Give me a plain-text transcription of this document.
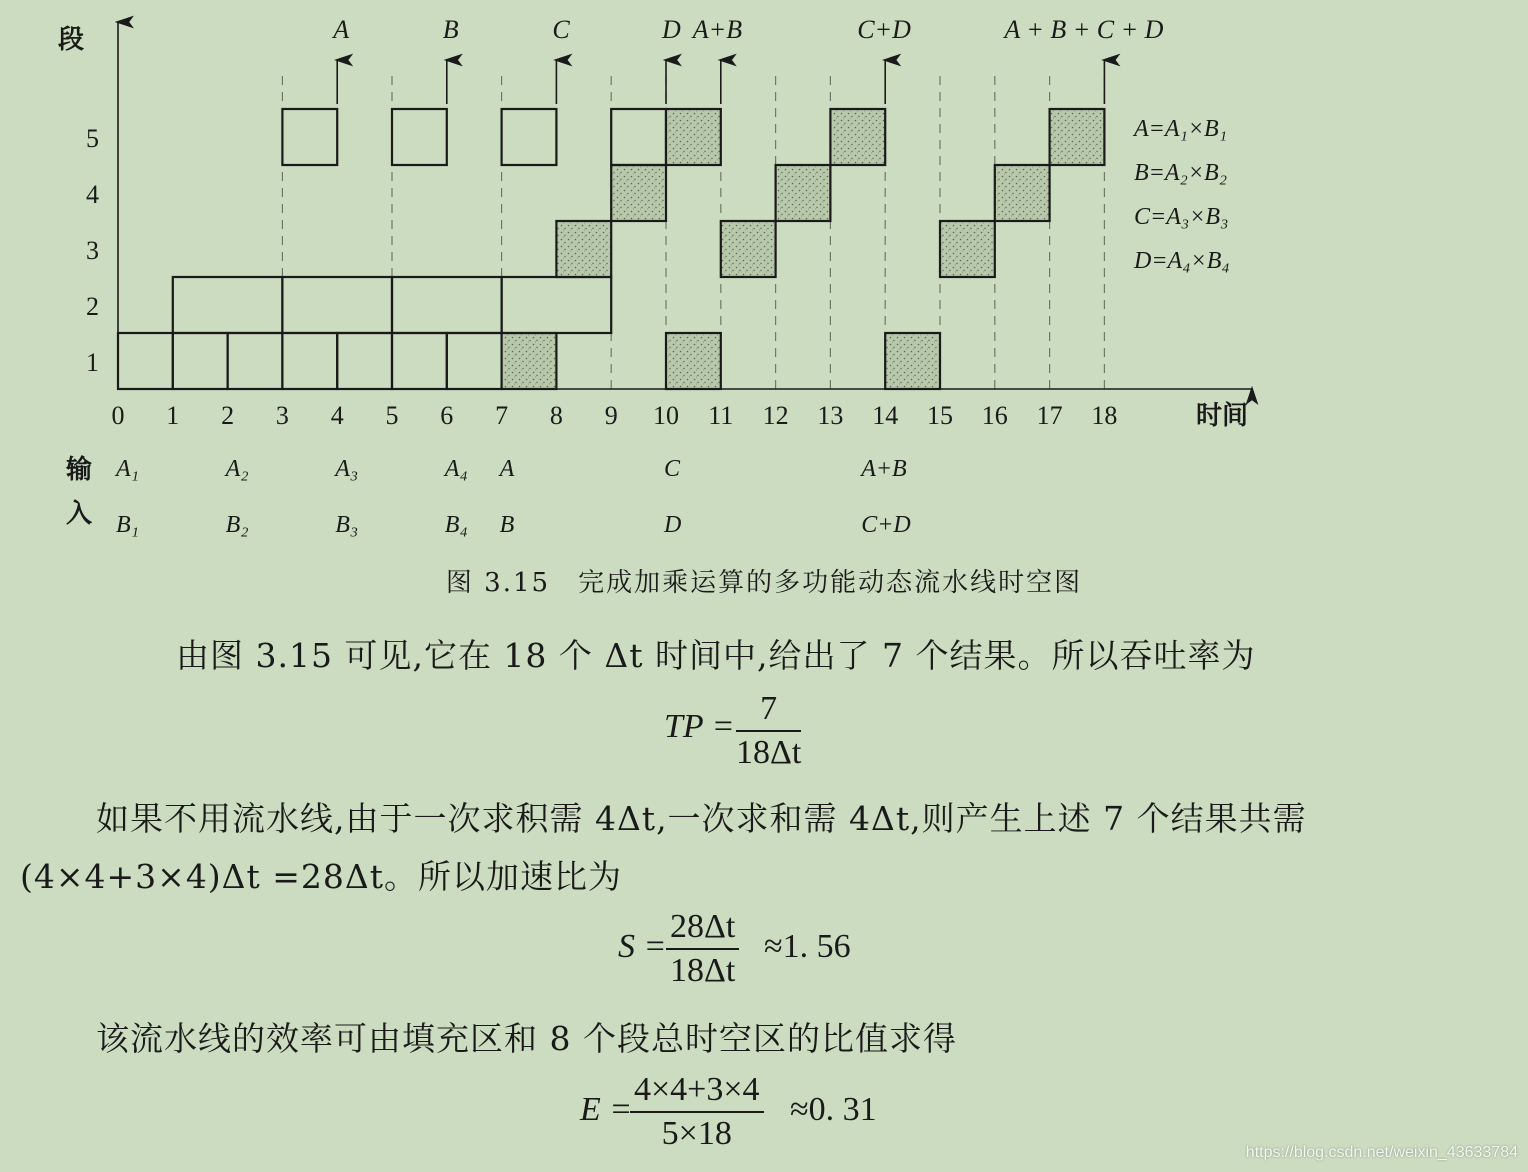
A	B	C	D A+B	C+D	A + B + C + D
段
时间
1
2
3
4
5
0 1 2 3 4 5 6 7 8 9 10 11 12 13 14 15 16 17 18
A=A₁×B₁
B=A₂×B₂
C=A₃×B₃
D=A₄×B₄
输
入
A₁
B₁
A₂
B₂
A₃
B₃
A₄
B₄
A
B
C
D
A+B
C+D
图 3.15 完成加乘运算的多功能动态流水线时空图
由图 3.15 可见,它在 18 个 Δt 时间中,给出了 7 个结果。所以吞吐率为
TP = $\frac{7}{18\Delta t}$
如果不用流水线,由于一次求积需 4Δt,一次求和需 4Δt,则产生上述 7 个结果共需
(4×4+3×4)Δt =28Δt。所以加速比为
$S = \frac{28\Delta t}{18\Delta t} \approx 1$. 56
该流水线的效率可由填充区和 8 个段总时空区的比值求得
E =
$\frac{4\times 4+3\times 4}{5\times 18} \approx 0$. 31
https://blog.csdn.net/weixin_43633784
